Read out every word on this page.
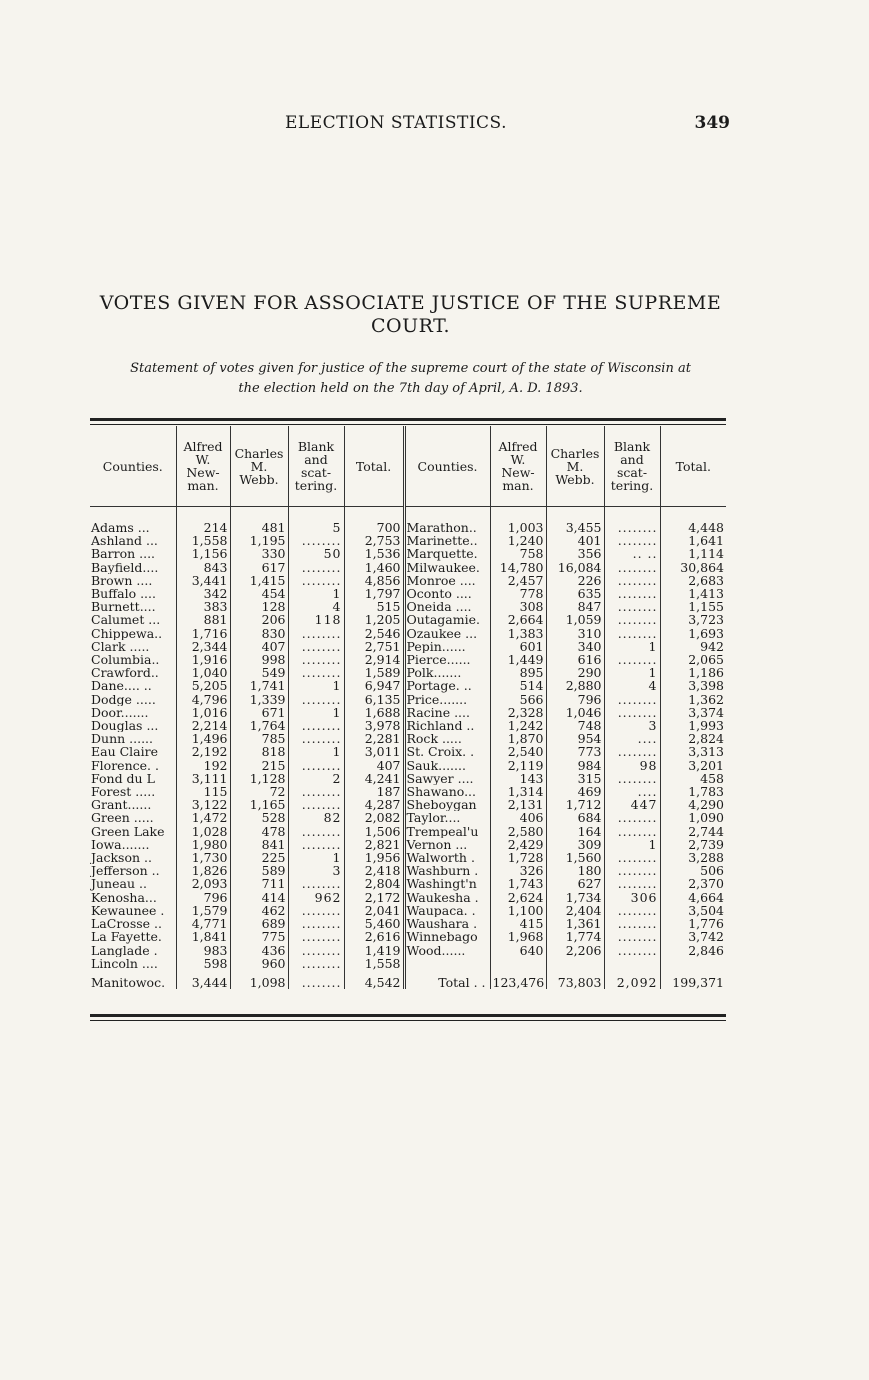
ELECTION STATISTICS.	349
VOTES GIVEN FOR ASSOCIATE JUSTICE OF THE SUPREME
COURT.
Statement of votes given for justice of the supreme court of the state of Wisconsin at
the election held on the 7th day of April, A. D. 1893.
Counties.	Alfred
W.
New-
man.	Charles
M.
Webb.	Blank
and
scat-
tering.	Total.	Counties.	Alfred
W.
New-
man.	Charles
M.
Webb.	Blank
and
scat-
tering.	Total.
Adams ...	214	481	5	700	Marathon..	1,003	3,455	........	4,448
Ashland ...	1,558	1,195	........	2,753	Marinette..	1,240	401	........	1,641
Barron ....	1,156	330	50	1,536	Marquette.	758	356	.. ..	1,114
Bayfield....	843	617	........	1,460	Milwaukee.	14,780	16,084	........	30,864
Brown ....	3,441	1,415	........	4,856	Monroe ....	2,457	226	........	2,683
Buffalo ....	342	454	1	1,797	Oconto ....	778	635	........	1,413
Burnett....	383	128	4	515	Oneida ....	308	847	........	1,155
Calumet ...	881	206	118	1,205	Outagamie.	2,664	1,059	........	3,723
Chippewa..	1,716	830	........	2,546	Ozaukee ...	1,383	310	........	1,693
Clark .....	2,344	407	........	2,751	Pepin......	601	340	1	942
Columbia..	1,916	998	........	2,914	Pierce......	1,449	616	........	2,065
Crawford..	1,040	549	........	1,589	Polk.......	895	290	1	1,186
Dane.... ..	5,205	1,741	1	6,947	Portage. ..	514	2,880	4	3,398
Dodge .....	4,796	1,339	........	6,135	Price.......	566	796	........	1,362
Door.......	1,016	671	1	1,688	Racine ....	2,328	1,046	........	3,374
Douglas ...	2,214	1,764	........	3,978	Richland ..	1,242	748	3	1,993
Dunn ......	1,496	785	........	2,281	Rock .....	1,870	954	....	2,824
Eau Claire	2,192	818	1	3,011	St. Croix. .	2,540	773	........	3,313
Florence. .	192	215	........	407	Sauk.......	2,119	984	98	3,201
Fond du L	3,111	1,128	2	4,241	Sawyer ....	143	315	........	458
Forest .....	115	72	........	187	Shawano...	1,314	469	....	1,783
Grant......	3,122	1,165	........	4,287	Sheboygan	2,131	1,712	447	4,290
Green .....	1,472	528	82	2,082	Taylor....	406	684	........	1,090
Green Lake	1,028	478	........	1,506	Trempeal'u	2,580	164	........	2,744
Iowa.......	1,980	841	........	2,821	Vernon ...	2,429	309	1	2,739
Jackson ..	1,730	225	1	1,956	Walworth .	1,728	1,560	........	3,288
Jefferson ..	1,826	589	3	2,418	Washburn .	326	180	........	506
Juneau ..	2,093	711	........	2,804	Washingt'n	1,743	627	........	2,370
Kenosha...	796	414	962	2,172	Waukesha .	2,624	1,734	306	4,664
Kewaunee .	1,579	462	........	2,041	Waupaca. .	1,100	2,404	........	3,504
LaCrosse ..	4,771	689	........	5,460	Waushara .	415	1,361	........	1,776
La Fayette.	1,841	775	........	2,616	Winnebago	1,968	1,774	........	3,742
Langlade .	983	436	........	1,419	Wood......	640	2,206	........	2,846
Lincoln ....	598	960	........	1,558					
Manitowoc.	3,444	1,098	........	4,542	Total . .	123,476	73,803	2,092	199,371
